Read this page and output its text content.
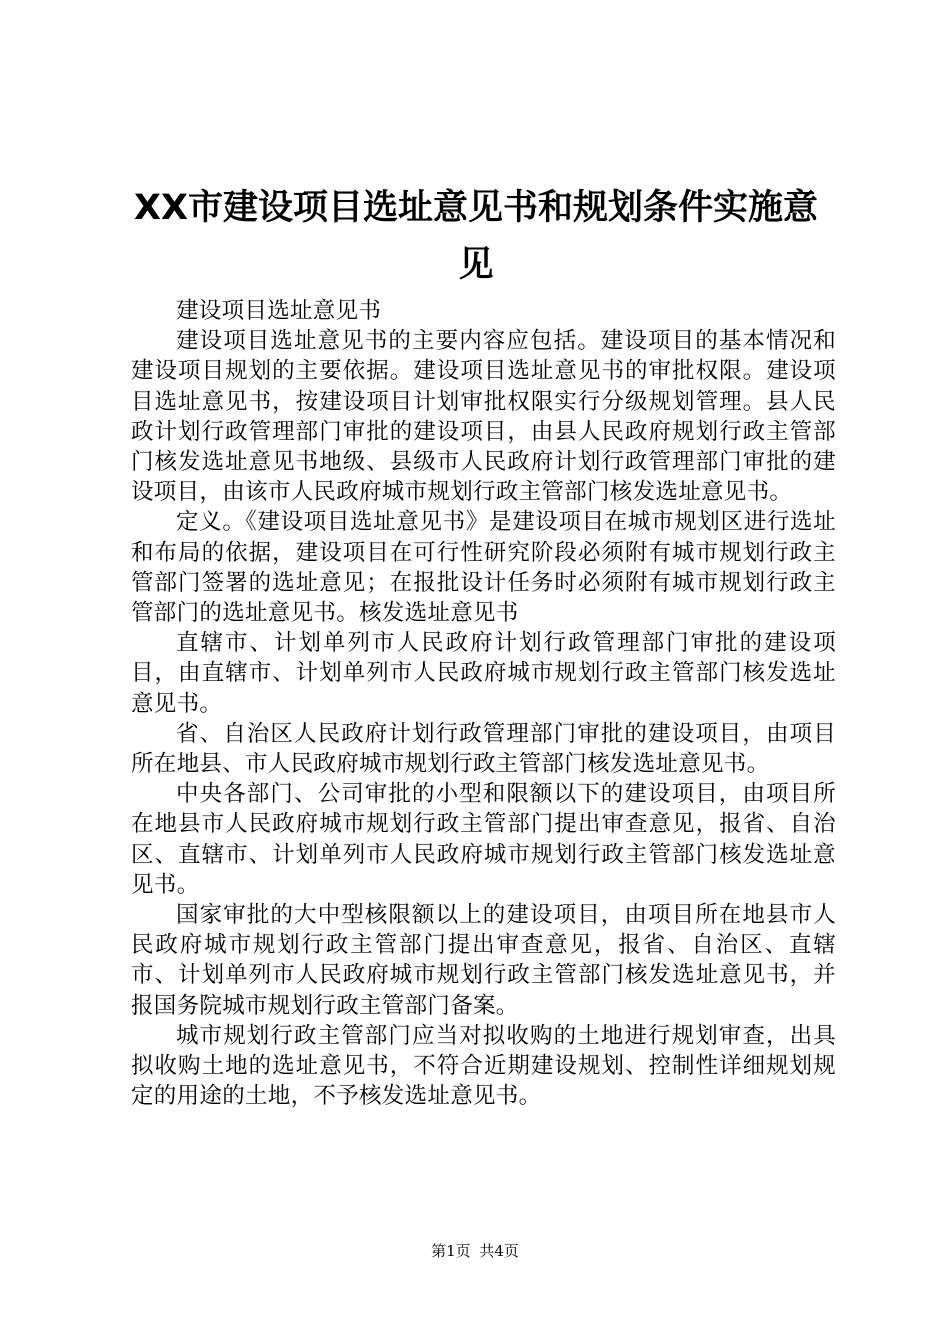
XX市建设项目选址意见书和规划条件实施意见

建设项目选址意见书

建设项目选址意见书的主要内容应包括。建设项目的基本情况和建设项目规划的主要依据。建设项目选址意见书的审批权限。建设项目选址意见书，按建设项目计划审批权限实行分级规划管理。县人民政计划行政管理部门审批的建设项目，由县人民政府规划行政主管部门核发选址意见书地级、县级市人民政府计划行政管理部门审批的建设项目，由该市人民政府城市规划行政主管部门核发选址意见书。

定义。《建设项目选址意见书》是建设项目在城市规划区进行选址和布局的依据，建设项目在可行性研究阶段必须附有城市规划行政主管部门签署的选址意见；在报批设计任务时必须附有城市规划行政主管部门的选址意见书。核发选址意见书

直辖市、计划单列市人民政府计划行政管理部门审批的建设项目，由直辖市、计划单列市人民政府城市规划行政主管部门核发选址意见书。

省、自治区人民政府计划行政管理部门审批的建设项目，由项目所在地县、市人民政府城市规划行政主管部门核发选址意见书。

中央各部门、公司审批的小型和限额以下的建设项目，由项目所在地县市人民政府城市规划行政主管部门提出审查意见，报省、自治区、直辖市、计划单列市人民政府城市规划行政主管部门核发选址意见书。

国家审批的大中型核限额以上的建设项目，由项目所在地县市人民政府城市规划行政主管部门提出审查意见，报省、自治区、直辖市、计划单列市人民政府城市规划行政主管部门核发选址意见书，并报国务院城市规划行政主管部门备案。

城市规划行政主管部门应当对拟收购的土地进行规划审查，出具拟收购土地的选址意见书，不符合近期建设规划、控制性详细规划规定的用途的土地，不予核发选址意见书。

第1页 共4页
